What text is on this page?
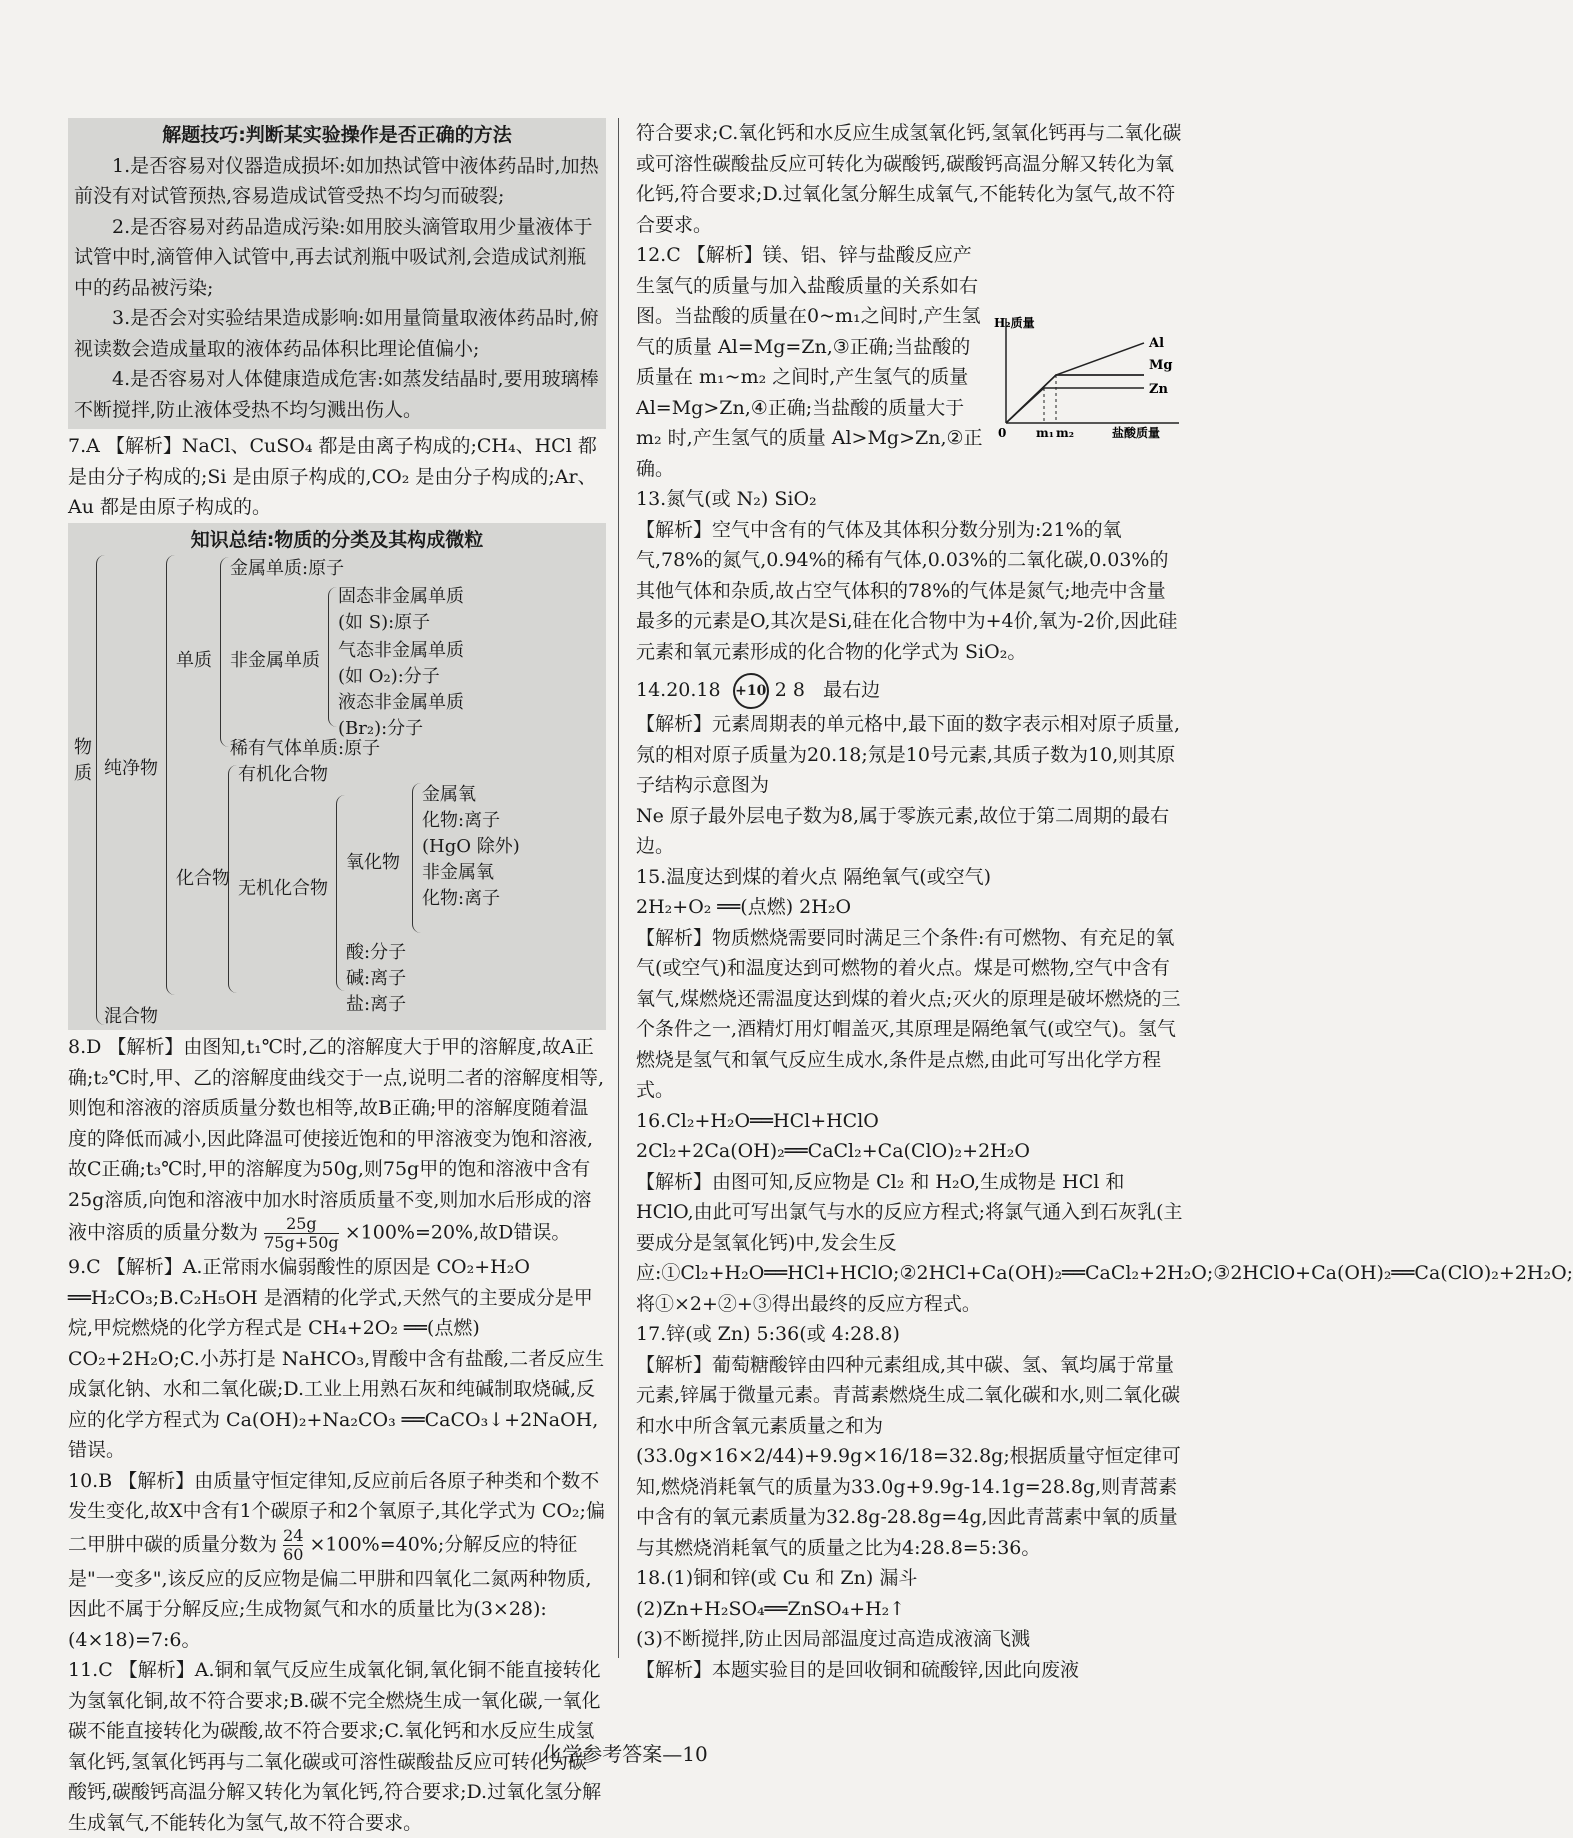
解题技巧:判断某实验操作是否正确的方法

1.是否容易对仪器造成损坏:如加热试管中液体药品时,加热前没有对试管预热,容易造成试管受热不均匀而破裂;

2.是否容易对药品造成污染:如用胶头滴管取用少量液体于试管中时,滴管伸入试管中,再去试剂瓶中吸试剂,会造成试剂瓶中的药品被污染;

3.是否会对实验结果造成影响:如用量筒量取液体药品时,俯视读数会造成量取的液体药品体积比理论值偏小;

4.是否容易对人体健康造成危害:如蒸发结晶时,要用玻璃棒不断搅拌,防止液体受热不均匀溅出伤人。

7.A 【解析】NaCl、CuSO₄ 都是由离子构成的;CH₄、HCl 都是由分子构成的;Si 是由原子构成的,CO₂ 是由分子构成的;Ar、Au 都是由原子构成的。

知识总结:物质的分类及其构成微粒

物质 纯净物
混合物
单质
化合物
金属单质:原子
非金属单质
稀有气体单质:原子
固态非金属单质
(如 S):原子
气态非金属单质
(如 O₂):分子
液态非金属单质
(Br₂):分子
有机化合物
无机化合物
氧化物
酸:分子
碱:离子
盐:离子
金属氧
化物:离子
(HgO 除外)
非金属氧
化物:离子

8.D 【解析】由图知,t₁℃时,乙的溶解度大于甲的溶解度,故A正确;t₂℃时,甲、乙的溶解度曲线交于一点,说明二者的溶解度相等,则饱和溶液的溶质质量分数也相等,故B正确;甲的溶解度随着温度的降低而减小,因此降温可使接近饱和的甲溶液变为饱和溶液,故C正确;t₃℃时,甲的溶解度为50g,则75g甲的饱和溶液中含有25g溶质,向饱和溶液中加水时溶质质量不变,则加水后形成的溶液中溶质的质量分数为 $\frac{25g}{75g+50g} \times 100\%=20\%$,故D错误。

9.C 【解析】A.正常雨水偏弱酸性的原因是 CO₂+H₂O ══H₂CO₃;B.C₂H₅OH 是酒精的化学式,天然气的主要成分是甲烷,甲烷燃烧的化学方程式是 CH₄+2O₂ ══(点燃) CO₂+2H₂O;C.小苏打是 NaHCO₃,胃酸中含有盐酸,二者反应生成氯化钠、水和二氧化碳;D.工业上用熟石灰和纯碱制取烧碱,反应的化学方程式为 Ca(OH)₂+Na₂CO₃ ══CaCO₃↓+2NaOH,错误。

10.B 【解析】由质量守恒定律知,反应前后各原子种类和个数不发生变化,故X中含有1个碳原子和2个氧原子,其化学式为 CO₂;偏二甲肼中碳的质量分数为 $\frac{24}{60} \times 100\%=40\%$;分解反应的特征是"一变多",该反应的反应物是偏二甲肼和四氧化二氮两种物质,因此不属于分解反应;生成物氮气和水的质量比为(3×28):(4×18)=7:6。

11.C 【解析】A.铜和氧气反应生成氧化铜,氧化铜不能直接转化为氢氧化铜,故不符合要求;B.碳不完全燃烧生成一氧化碳,一氧化碳不能直接转化为碳酸,故不符合要求;C.氧化钙和水反应生成氢氧化钙,氢氧化钙再与二氧化碳或可溶性碳酸盐反应可转化为碳酸钙,碳酸钙高温分解又转化为氧化钙,符合要求;D.过氧化氢分解生成氧气,不能转化为氢气,故不符合要求。

符合要求;C.氧化钙和水反应生成氢氧化钙,氢氧化钙再与二氧化碳或可溶性碳酸盐反应可转化为碳酸钙,碳酸钙高温分解又转化为氧化钙,符合要求;D.过氧化氢分解生成氧气,不能转化为氢气,故不符合要求。

H₂质量
Al
Mg
Zn
0 m₁ m₂	盐酸质量

12.C 【解析】镁、铝、锌与盐酸反应产生氢气的质量与加入盐酸质量的关系如右图。当盐酸的质量在0~m₁之间时,产生氢气的质量 Al=Mg=Zn,③正确;当盐酸的质量在 m₁~m₂ 之间时,产生氢气的质量 Al=Mg>Zn,④正确;当盐酸的质量大于 m₂ 时,产生氢气的质量 Al>Mg>Zn,②正确。

13.氮气(或 N₂) SiO₂

【解析】空气中含有的气体及其体积分数分别为:21%的氧气,78%的氮气,0.94%的稀有气体,0.03%的二氧化碳,0.03%的其他气体和杂质,故占空气体积的78%的气体是氮气;地壳中含量最多的元素是O,其次是Si,硅在化合物中为+4价,氧为-2价,因此硅元素和氧元素形成的化合物的化学式为 SiO₂。

14.20.18 +10 2 8 最右边

【解析】元素周期表的单元格中,最下面的数字表示相对原子质量,氖的相对原子质量为20.18;氖是10号元素,其质子数为10,则其原子结构示意图为

Ne 原子最外层电子数为8,属于零族元素,故位于第二周期的最右边。

15.温度达到煤的着火点 隔绝氧气(或空气)

2H₂+O₂ ══(点燃) 2H₂O

【解析】物质燃烧需要同时满足三个条件:有可燃物、有充足的氧气(或空气)和温度达到可燃物的着火点。煤是可燃物,空气中含有氧气,煤燃烧还需温度达到煤的着火点;灭火的原理是破坏燃烧的三个条件之一,酒精灯用灯帽盖灭,其原理是隔绝氧气(或空气)。氢气燃烧是氢气和氧气反应生成水,条件是点燃,由此可写出化学方程式。

16.Cl₂+H₂O══HCl+HClO

2Cl₂+2Ca(OH)₂══CaCl₂+Ca(ClO)₂+2H₂O

【解析】由图可知,反应物是 Cl₂ 和 H₂O,生成物是 HCl 和 HClO,由此可写出氯气与水的反应方程式;将氯气通入到石灰乳(主要成分是氢氧化钙)中,发会生反应:①Cl₂+H₂O══HCl+HClO;②2HCl+Ca(OH)₂══CaCl₂+2H₂O;③2HClO+Ca(OH)₂══Ca(ClO)₂+2H₂O;将①×2+②+③得出最终的反应方程式。

17.锌(或 Zn) 5:36(或 4:28.8)

【解析】葡萄糖酸锌由四种元素组成,其中碳、氢、氧均属于常量元素,锌属于微量元素。青蒿素燃烧生成二氧化碳和水,则二氧化碳和水中所含氧元素质量之和为(33.0g×16×2/44)+9.9g×16/18=32.8g;根据质量守恒定律可知,燃烧消耗氧气的质量为33.0g+9.9g-14.1g=28.8g,则青蒿素中含有的氧元素质量为32.8g-28.8g=4g,因此青蒿素中氧的质量与其燃烧消耗氧气的质量之比为4:28.8=5:36。

18.(1)铜和锌(或 Cu 和 Zn) 漏斗

(2)Zn+H₂SO₄══ZnSO₄+H₂↑

(3)不断搅拌,防止因局部温度过高造成液滴飞溅

【解析】本题实验目的是回收铜和硫酸锌,因此向废液

化学参考答案—10
